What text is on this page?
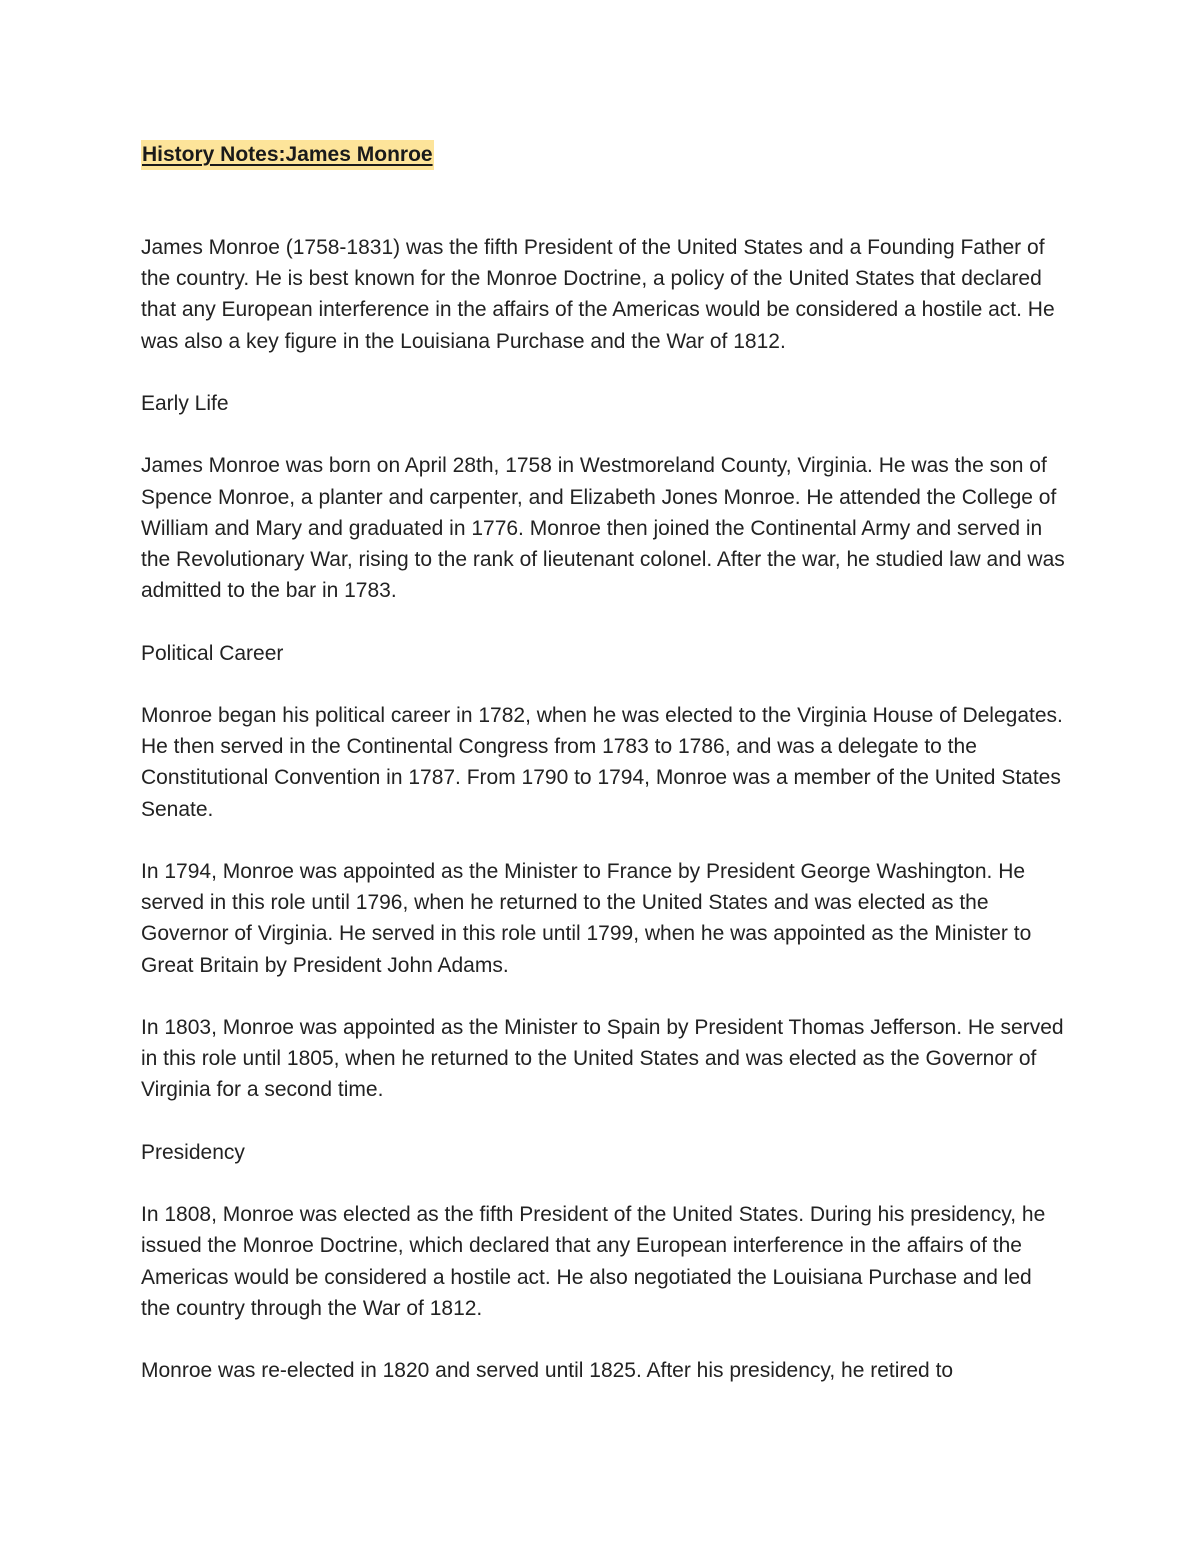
History Notes:James Monroe

James Monroe (1758-1831) was the fifth President of the United States and a Founding Father of the country. He is best known for the Monroe Doctrine, a policy of the United States that declared that any European interference in the affairs of the Americas would be considered a hostile act. He was also a key figure in the Louisiana Purchase and the War of 1812.

Early Life

James Monroe was born on April 28th, 1758 in Westmoreland County, Virginia. He was the son of Spence Monroe, a planter and carpenter, and Elizabeth Jones Monroe. He attended the College of William and Mary and graduated in 1776. Monroe then joined the Continental Army and served in the Revolutionary War, rising to the rank of lieutenant colonel. After the war, he studied law and was admitted to the bar in 1783.

Political Career

Monroe began his political career in 1782, when he was elected to the Virginia House of Delegates. He then served in the Continental Congress from 1783 to 1786, and was a delegate to the Constitutional Convention in 1787. From 1790 to 1794, Monroe was a member of the United States Senate.

In 1794, Monroe was appointed as the Minister to France by President George Washington. He served in this role until 1796, when he returned to the United States and was elected as the Governor of Virginia. He served in this role until 1799, when he was appointed as the Minister to Great Britain by President John Adams.

In 1803, Monroe was appointed as the Minister to Spain by President Thomas Jefferson. He served in this role until 1805, when he returned to the United States and was elected as the Governor of Virginia for a second time.

Presidency

In 1808, Monroe was elected as the fifth President of the United States. During his presidency, he issued the Monroe Doctrine, which declared that any European interference in the affairs of the Americas would be considered a hostile act. He also negotiated the Louisiana Purchase and led the country through the War of 1812.

Monroe was re-elected in 1820 and served until 1825. After his presidency, he retired to
